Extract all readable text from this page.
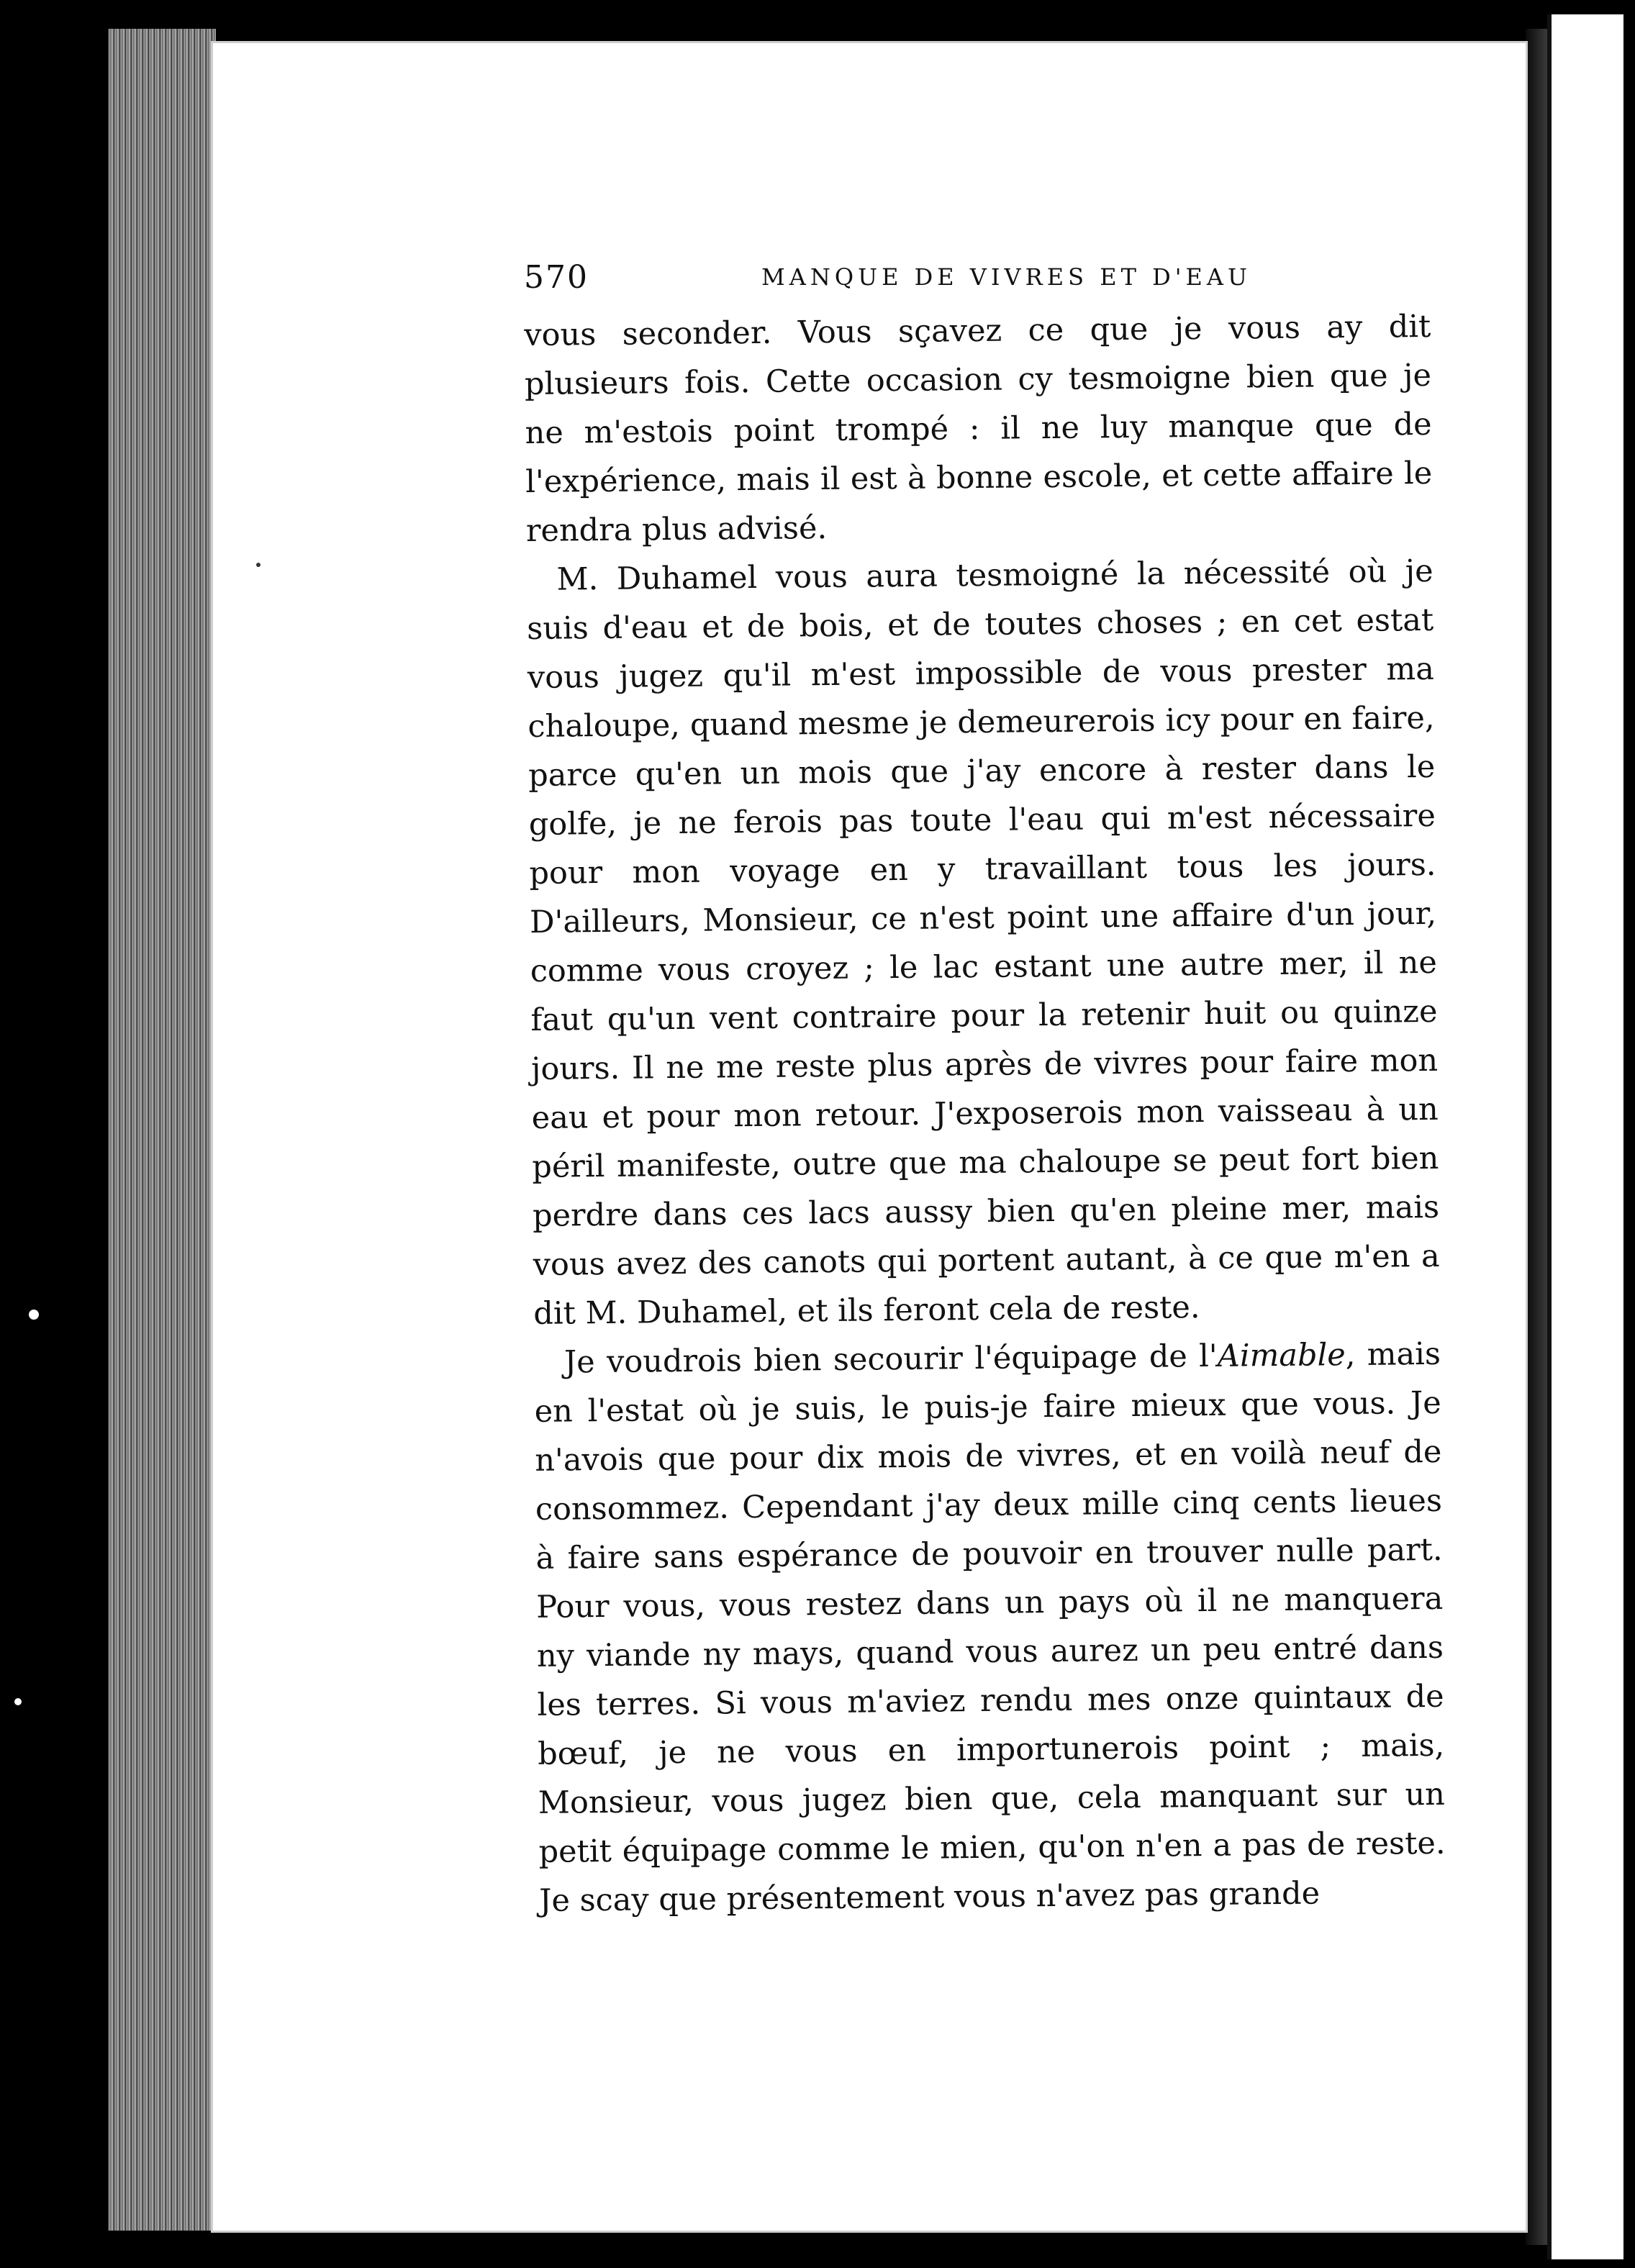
570	MANQUE DE VIVRES ET D'EAU

vous seconder. Vous sçavez ce que je vous ay dit plusieurs fois. Cette occasion cy tesmoigne bien que je ne m'estois point trompé : il ne luy manque que de l'expérience, mais il est à bonne escole, et cette affaire le rendra plus advisé.

M. Duhamel vous aura tesmoigné la nécessité où je suis d'eau et de bois, et de toutes choses ; en cet estat vous jugez qu'il m'est impossible de vous prester ma chaloupe, quand mesme je demeurerois icy pour en faire, parce qu'en un mois que j'ay encore à rester dans le golfe, je ne ferois pas toute l'eau qui m'est nécessaire pour mon voyage en y travaillant tous les jours. D'ailleurs, Monsieur, ce n'est point une affaire d'un jour, comme vous croyez ; le lac estant une autre mer, il ne faut qu'un vent contraire pour la retenir huit ou quinze jours. Il ne me reste plus après de vivres pour faire mon eau et pour mon retour. J'exposerois mon vaisseau à un péril manifeste, outre que ma chaloupe se peut fort bien perdre dans ces lacs aussy bien qu'en pleine mer, mais vous avez des canots qui portent autant, à ce que m'en a dit M. Duhamel, et ils feront cela de reste.

Je voudrois bien secourir l'équipage de l'Aimable, mais en l'estat où je suis, le puis-je faire mieux que vous. Je n'avois que pour dix mois de vivres, et en voilà neuf de consommez. Cependant j'ay deux mille cinq cents lieues à faire sans espérance de pouvoir en trouver nulle part. Pour vous, vous restez dans un pays où il ne manquera ny viande ny mays, quand vous aurez un peu entré dans les terres. Si vous m'aviez rendu mes onze quintaux de bœuf, je ne vous en importunerois point ; mais, Monsieur, vous jugez bien que, cela manquant sur un petit équipage comme le mien, qu'on n'en a pas de reste. Je scay que présentement vous n'avez pas grande
